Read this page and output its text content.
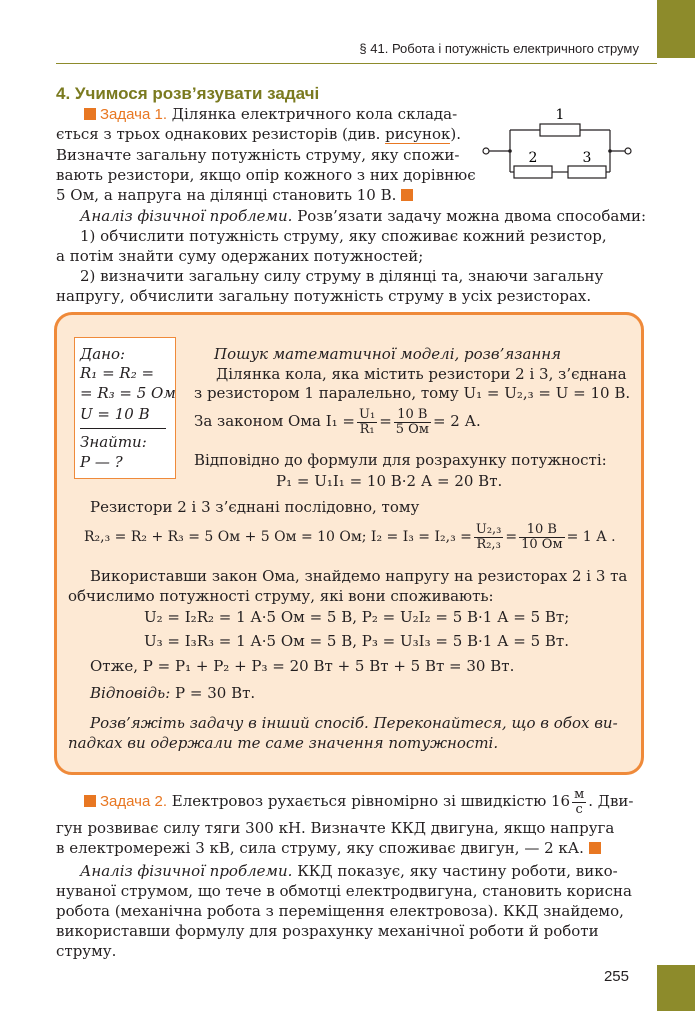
§ 41. Робота і потужність електричного струму
4. Учимося розв’язувати задачі
Задача 1. Ділянка електричного кола склада-
ється з трьох однакових резисторів (див. рисунок).
Визначте загальну потужність струму, яку спожи-
вають резистори, якщо опір кожного з них дорівнює
5 Ом, а напруга на ділянці становить 10 В.
1
2	3
Аналіз фізичної проблеми. Розв’язати задачу можна двома способами:
1) обчислити потужність струму, яку споживає кожний резистор,
а потім знайти суму одержаних потужностей;
2) визначити загальну силу струму в ділянці та, знаючи загальну
напругу, обчислити загальну потужність струму в усіх резисторах.
Дано:
R₁ = R₂ =
= R₃ = 5 Ом
U = 10 В
Знайти:
P — ?
Пошук математичної моделі, розв’язання
Ділянка кола, яка містить резистори 2 і 3, з’єднана
з резистором 1 паралельно, тому U₁ = U₂,₃ = U = 10 В.
За законом Ома $I_1 = \frac{\text{U₁}}{\text{R₁}} = \frac{10 В}{5 Ом} = 2$ А.
Відповідно до формули для розрахунку потужності:
P₁ = U₁I₁ = 10 В·2 А = 20 Вт.
Резистори 2 і 3 з’єднані послідовно, тому
R₂,₃ = R₂ + R₃ = 5 Ом + 5 Ом = 10 Ом; $I_2 = I_3 = I_2,_3 = \frac{\text{U₂,₃}}{\text{R₂,₃}} = \frac{10 В}{10 Ом} = 1$ А .
Використавши закон Ома, знайдемо напругу на резисторах 2 і 3 та
обчислимо потужності струму, які вони споживають:
U₂ = I₂R₂ = 1 А·5 Ом = 5 В, P₂ = U₂I₂ = 5 В·1 А = 5 Вт;
U₃ = I₃R₃ = 1 А·5 Ом = 5 В, P₃ = U₃I₃ = 5 В·1 А = 5 Вт.
Отже, P = P₁ + P₂ + P₃ = 20 Вт + 5 Вт + 5 Вт = 30 Вт.
Відповідь: P = 30 Вт.
Розв’яжіть задачу в інший спосіб. Переконайтеся, що в обох ви-
падках ви одержали те саме значення потужності.
Задача 2. Електровоз рухається рівномірно зі швидкістю $16 \frac{м}{с}$ . Дви-
гун розвиває силу тяги 300 кН. Визначте ККД двигуна, якщо напруга
в електромережі 3 кВ, сила струму, яку споживає двигун, — 2 кА.
Аналіз фізичної проблеми. ККД показує, яку частину роботи, вико-
нуваної струмом, що тече в обмотці електродвигуна, становить корисна
робота (механічна робота з переміщення електровоза). ККД знайдемо,
використавши формулу для розрахунку механічної роботи й роботи
струму.
255
